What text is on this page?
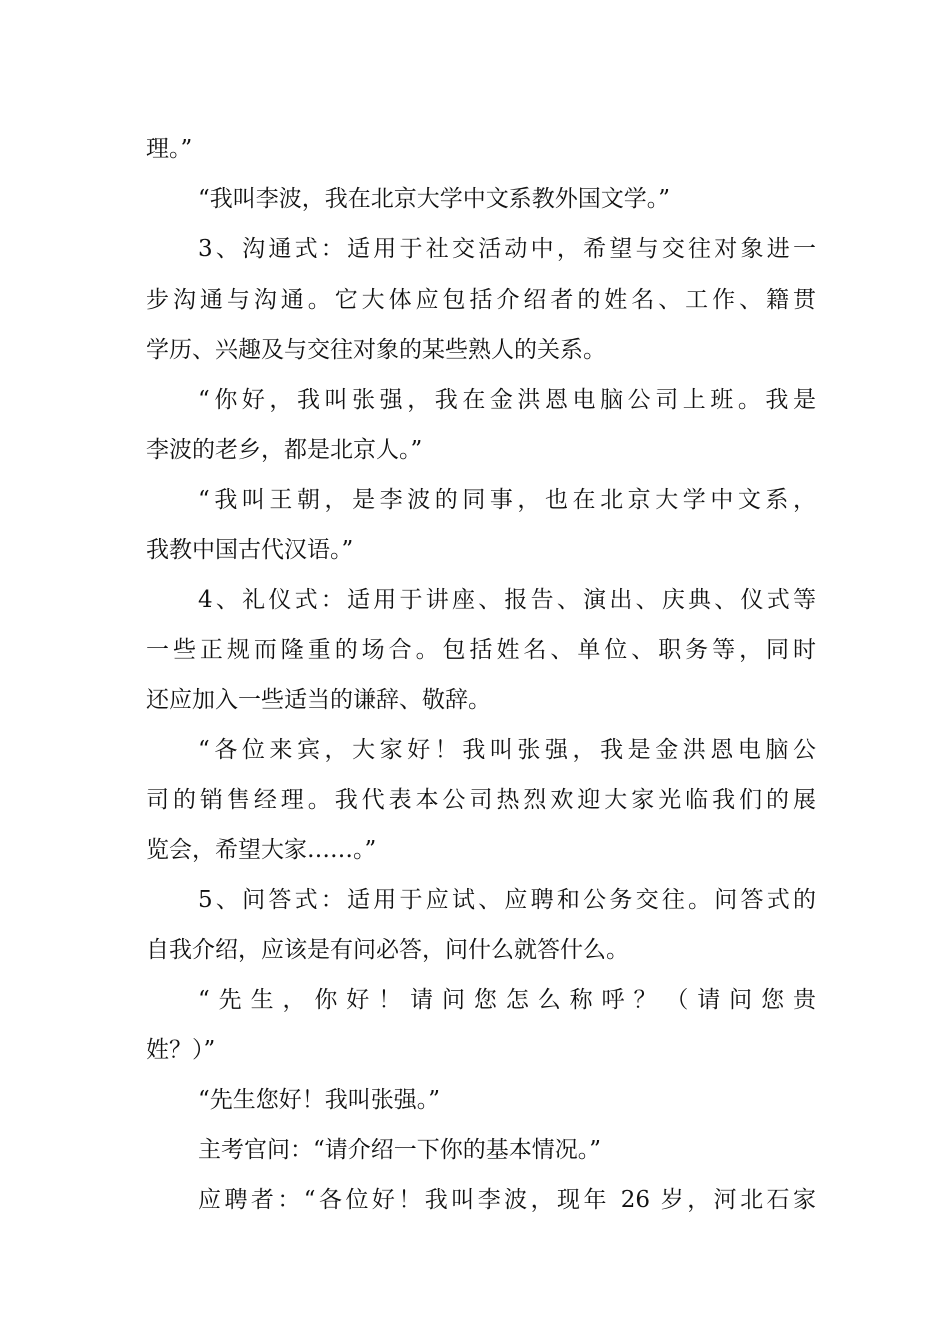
理。”
“我叫李波，我在北京大学中文系教外国文学。”
3、沟通式：适用于社交活动中，希望与交往对象进一
步沟通与沟通。它大体应包括介绍者的姓名、工作、籍贯
学历、兴趣及与交往对象的某些熟人的关系。
“你好，我叫张强，我在金洪恩电脑公司上班。我是
李波的老乡，都是北京人。”
“我叫王朝，是李波的同事，也在北京大学中文系，
我教中国古代汉语。”
4、礼仪式：适用于讲座、报告、演出、庆典、仪式等
一些正规而隆重的场合。包括姓名、单位、职务等，同时
还应加入一些适当的谦辞、敬辞。
“各位来宾，大家好！我叫张强，我是金洪恩电脑公
司的销售经理。我代表本公司热烈欢迎大家光临我们的展
览会，希望大家……。”
5、问答式：适用于应试、应聘和公务交往。问答式的
自我介绍，应该是有问必答，问什么就答什么。
“先生，你好！请问您怎么称呼？（请问您贵
姓？）”
“先生您好！我叫张强。”
主考官问：“请介绍一下你的基本情况。”
应聘者：“各位好！我叫李波，现年 26 岁，河北石家
